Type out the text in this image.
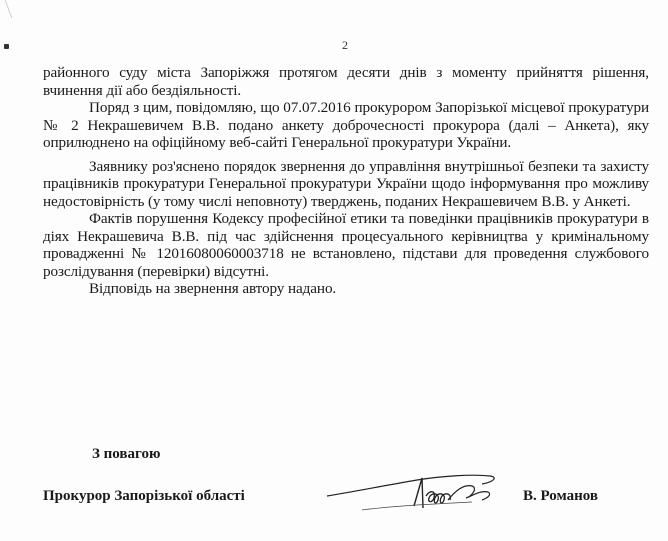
2

районного суду міста Запоріжжя протягом десяти днів з моменту прийняття рішення, вчинення дії або бездіяльності.

Поряд з цим, повідомляю, що 07.07.2016 прокурором Запорізької місцевої прокуратури № 2 Некрашевичем В.В. подано анкету доброчесності прокурора (далі – Анкета), яку оприлюднено на офіційному веб-сайті Генеральної прокуратури України.

Заявнику роз'яснено порядок звернення до управління внутрішньої безпеки та захисту працівників прокуратури Генеральної прокуратури України щодо інформування про можливу недостовірність (у тому числі неповноту) тверджень, поданих Некрашевичем В.В. у Анкеті.

Фактів порушення Кодексу професійної етики та поведінки працівників прокуратури в діях Некрашевича В.В. під час здійснення процесуального керівництва у кримінальному провадженні № 12016080060003718 не встановлено, підстави для проведення службового розслідування (перевірки) відсутні.

Відповідь на звернення автору надано.

З повагою
Прокурор Запорізької області	В. Романов
